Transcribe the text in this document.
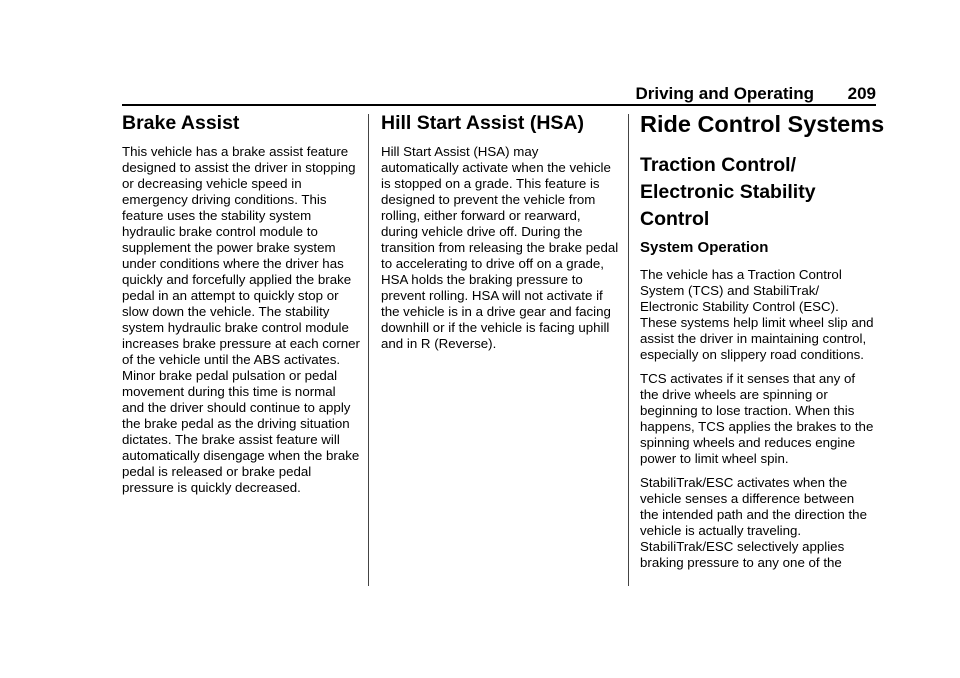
Driving and Operating 209
Brake Assist

This vehicle has a brake assist feature designed to assist the driver in stopping or decreasing vehicle speed in emergency driving conditions. This feature uses the stability system hydraulic brake control module to supplement the power brake system under conditions where the driver has quickly and forcefully applied the brake pedal in an attempt to quickly stop or slow down the vehicle. The stability system hydraulic brake control module increases brake pressure at each corner of the vehicle until the ABS activates. Minor brake pedal pulsation or pedal movement during this time is normal and the driver should continue to apply the brake pedal as the driving situation dictates. The brake assist feature will automatically disengage when the brake pedal is released or brake pedal pressure is quickly decreased.

Hill Start Assist (HSA)

Hill Start Assist (HSA) may automatically activate when the vehicle is stopped on a grade. This feature is designed to prevent the vehicle from rolling, either forward or rearward, during vehicle drive off. During the transition from releasing the brake pedal to accelerating to drive off on a grade, HSA holds the braking pressure to prevent rolling. HSA will not activate if the vehicle is in a drive gear and facing downhill or if the vehicle is facing uphill and in R (Reverse).

Ride Control Systems
Traction Control/ Electronic Stability Control
System Operation

The vehicle has a Traction Control System (TCS) and StabiliTrak/ Electronic Stability Control (ESC). These systems help limit wheel slip and assist the driver in maintaining control, especially on slippery road conditions.

TCS activates if it senses that any of the drive wheels are spinning or beginning to lose traction. When this happens, TCS applies the brakes to the spinning wheels and reduces engine power to limit wheel spin.

StabiliTrak/ESC activates when the vehicle senses a difference between the intended path and the direction the vehicle is actually traveling. StabiliTrak/ESC selectively applies braking pressure to any one of the
